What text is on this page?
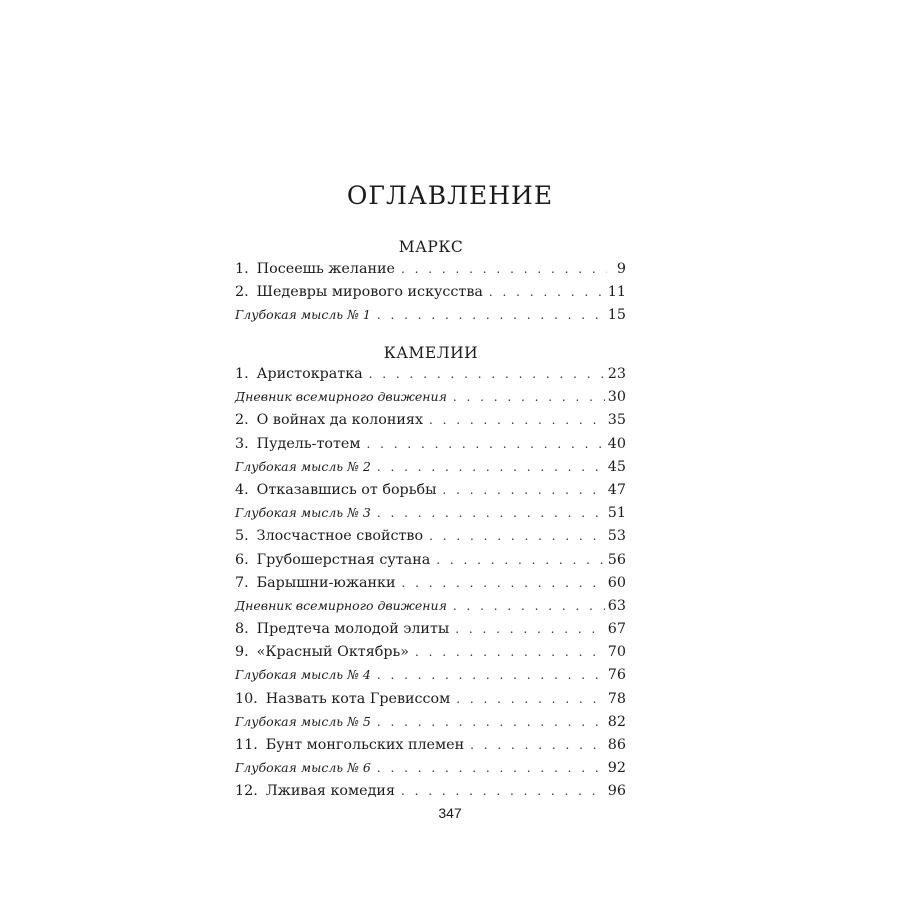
ОГЛАВЛЕНИЕ
МАРКС
1. Посеешь желание . . .	9
2. Шедевры мирового искусства . . .	11
Глубокая мысль № 1 . . .	15
КАМЕЛИИ
1. Аристократка . . .	23
Дневник всемирного движения . . .	30
2. О войнах да колониях . . .	35
3. Пудель-тотем . . .	40
Глубокая мысль № 2 . . .	45
4. Отказавшись от борьбы . . .	47
Глубокая мысль № 3 . . .	51
5. Злосчастное свойство . . .	53
6. Грубошерстная сутана . . .	56
7. Барышни-южанки . . .	60
Дневник всемирного движения . . .	63
8. Предтеча молодой элиты . . .	67
9. «Красный Октябрь» . . .	70
Глубокая мысль № 4 . . .	76
10. Назвать кота Гревиссом . . .	78
Глубокая мысль № 5 . . .	82
11. Бунт монгольских племен . . .	86
Глубокая мысль № 6 . . .	92
12. Лживая комедия . . .	96
347
